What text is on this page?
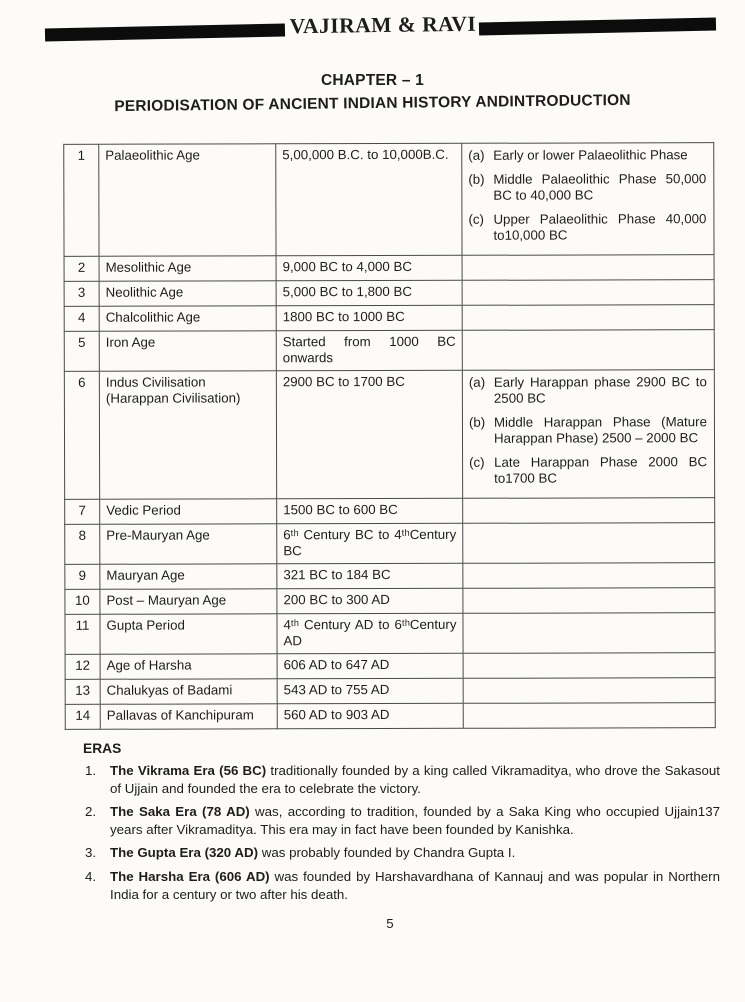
VAJIRAM & RAVI
CHAPTER – 1
PERIODISATION OF ANCIENT INDIAN HISTORY ANDINTRODUCTION
1	Palaeolithic Age	5,00,000 B.C. to 10,000B.C.	(a) Early or lower Palaeolithic Phase
(b) Middle Palaeolithic Phase 50,000 BC to 40,000 BC
(c) Upper Palaeolithic Phase 40,000 to10,000 BC

2	Mesolithic Age	9,000 BC to 4,000 BC	
3	Neolithic Age	5,000 BC to 1,800 BC	
4	Chalcolithic Age	1800 BC to 1000 BC	
5	Iron Age	Started from 1000 BC onwards	
6	Indus Civilisation (Harappan Civilisation)	2900 BC to 1700 BC	(a) Early Harappan phase 2900 BC to 2500 BC
(b) Middle Harappan Phase (Mature Harappan Phase) 2500 – 2000 BC
(c) Late Harappan Phase 2000 BC to1700 BC

7	Vedic Period	1500 BC to 600 BC	
8	Pre-Mauryan Age	6ᵗʰ Century BC to 4ᵗʰCentury BC	
9	Mauryan Age	321 BC to 184 BC	
10	Post – Mauryan Age	200 BC to 300 AD	
11	Gupta Period	4ᵗʰ Century AD to 6ᵗʰCentury AD	
12	Age of Harsha	606 AD to 647 AD	
13	Chalukyas of Badami	543 AD to 755 AD	
14	Pallavas of Kanchipuram	560 AD to 903 AD	
ERAS
1. The Vikrama Era (56 BC) traditionally founded by a king called Vikramaditya, who drove the Sakasout of Ujjain and founded the era to celebrate the victory.
2. The Saka Era (78 AD) was, according to tradition, founded by a Saka King who occupied Ujjain137 years after Vikramaditya. This era may in fact have been founded by Kanishka.
3. The Gupta Era (320 AD) was probably founded by Chandra Gupta I.
4. The Harsha Era (606 AD) was founded by Harshavardhana of Kannauj and was popular in Northern India for a century or two after his death.
5
